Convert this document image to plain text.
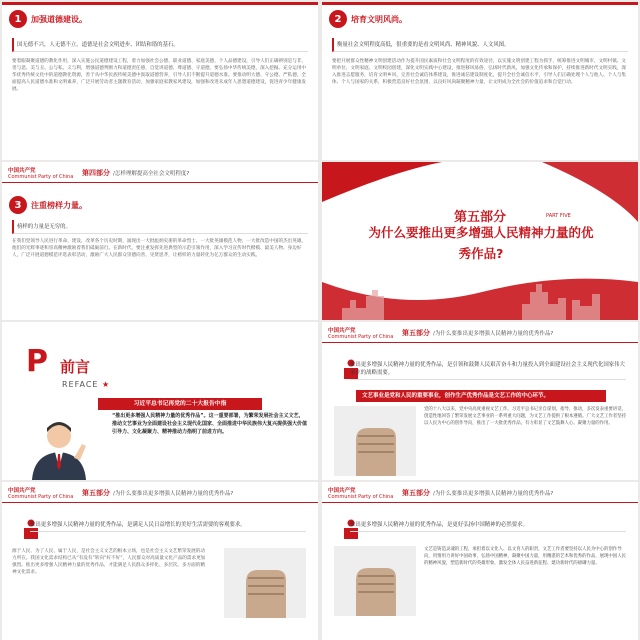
1	加强道德建设。
国无德不兴，人无德不立。道德是社会文明进步、团结和谐的基石。
要着眼凝聚道德的教化作用，深入实施公民道德建设工程，着力加强社会公德、职业道德、家庭美德、个人品德建设，引导人们正确辨别是与非、善与恶、美与丑、公与私，义与利，增强道德判断力和道德责任感，自觉讲道德、尊道德、守道德，要弘扬中华传统美德，深入挖掘、充分运用中华优秀传统文化中的道德教化资源，善于从中华民族传统美德中汲取道德营养，引导人们不断提升道德水准。要推动明大德、守公德、严私德，全面提高人民道德水准和文明素养，广泛开展劳动者主题教育活动，加强家庭家教家风建设，加强和改进未成年人思想道德建设，促进青少年健康发展。
2	培育文明风尚。
衡量社会文明程度高低，很重要的是看文明风尚、精神风貌、人文风图。
要把开展群众性精神文明创建活动作为提升国民素质和社会文明程度的有效途径，以实施文明创建工程为抓手，统筹推进文明城市、文明村镇、文明单位、文明家庭、文明校园创建，深化文明实践中心建设，推进移风易俗，弘扬时代新风，加强文化传承和保护，持续推进新时代文明实践，深入推进志愿服务，培育文明乡风，完善社会诚信体系建设，推进诚信建设制度化，提升全社会诚信水平，引导人们正确处理个人与他人、个人与集体、个人与国家的关系，积极营造良好社会氛围，以良好风尚凝聚精神力量，让文明成为全社会的价值追求和自觉行动。
中国共产党
Communist Party of China 第四部分 /怎样理解提高全社会文明程度?
3	注重榜样力量。
榜样的力量是无穷的。
在我们党领导人民进行革命、建设、改革各个历史时期，涌现出一大批彪炳史册的革命烈士、一大批英雄模范人物，一大批改造中国的杰出英雄，他们的光辉事迹和崇高精神激励着我们砥砺前行。在新时代，要注重发挥先进典型的示范引领作用，深入学习宣传时代楷模、最美人物、身边好人，广泛开展道德模范评选表彰活动，激励广大人民群众崇德向善、见贤思齐，让榜样的力量转化为亿万群众的生动实践。
第五部分	PART FIVE
为什么要推出更多增强人民精神力量的优秀作品?
P 前言
REFACE ★
习近平总书记再党的二十大报告中指
“推出更多增强人民精神力量的优秀作品”。这一重要部署，为繁荣发展社会主义文艺，推动文艺事业为全面建设社会主义现代化国家、全面推进中华民族伟大复兴提供强大价值引导力、文化凝聚力、精神推动力指明了前进方向。
中国共产党
Communist Party of China 第五部分 /为什么要推出更多增强人民精神力量的优秀作品?
推出更多增强人民精神力量的优秀作品，是引领和鼓舞人民艰苦奋斗和力量投入到全面建设社会主义现代化国家伟大事业的战略需要。
文艺事业是党和人民的重要事业，创作生产优秀作品是文艺工作的中心环节。
党的十八大以来，党中央高度重视文艺工作。习近平总书记亲自谋划、指导、推动，多次发表重要讲话，创造性地回答了繁荣发展文艺事业的一系列重大问题，为文艺工作提供了根本遵循。广大文艺工作者坚持以人民为中心的创作导向，推出了一大批优秀作品，有力彰显了文艺鼓舞人心、凝聚力量的作用。
中国共产党
Communist Party of China 第五部分 /为什么要推出更多增强人民精神力量的优秀作品?
推出更多增强人民精神力量的优秀作品，是满足人民日益增长的美好生活需要的客观要求。
源于人民、为了人民、属于人民，是社会主义文艺的根本立场，也是社会主义文艺繁荣发展的动力所在。我国文化需求结构已从“有没有”转向“好不好”，人民群众对高质量文化产品的需求更加强烈。推出更多增强人民精神力量的优秀作品，才能满足人民群众多样化、多层次、多方面的精神文化需求。
中国共产党
Communist Party of China 第五部分 /为什么要推出更多增强人民精神力量的优秀作品?
推出更多增强人民精神力量的优秀作品，是更好弘扬中国精神的必然要求。
文艺是铸造灵魂的工程，承担着以文化人、以文育人的职责，文艺工作者要坚持以人民为中心的创作导向，用情用力讲好中国故事，弘扬中国精神，凝聚中国力量，用精湛的艺术和优秀的作品，展现中国人民的精神风貌，塑造新时代的英雄形象，激发全体人民奋进新征程、建功新时代的磅礴力量。
